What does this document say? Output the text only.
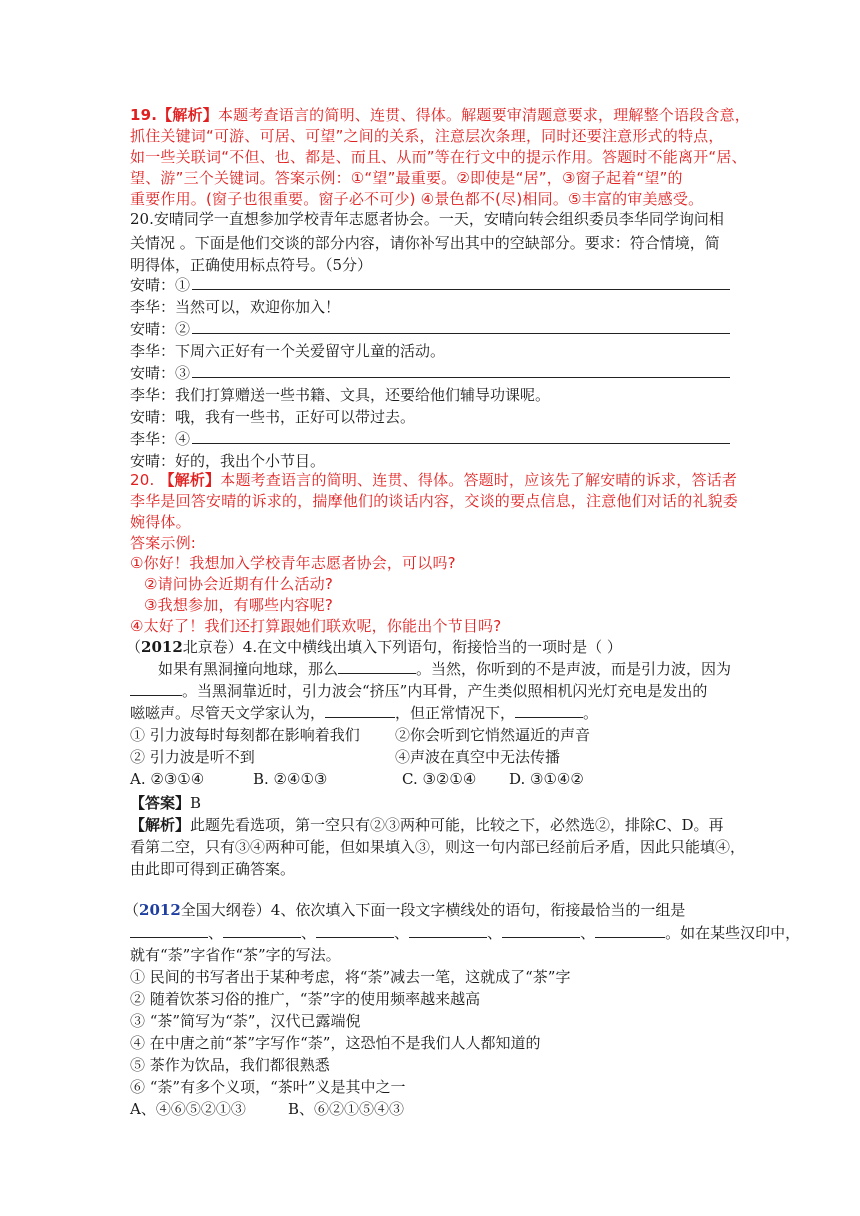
19.【解析】本题考查语言的简明、连贯、得体。解题要审清题意要求，理解整个语段含意，
抓住关键词“可游、可居、可望”之间的关系，注意层次条理，同时还要注意形式的特点，
如一些关联词“不但、也、都是、而且、从而”等在行文中的提示作用。答题时不能离开“居、
望、游”三个关键词。答案示例：①“望”最重要。②即使是“居”，③窗子起着“望”的
重要作用。(窗子也很重要。窗子必不可少) ④景色都不(尽)相同。⑤丰富的审美感受。
20.安晴同学一直想参加学校青年志愿者协会。一天，安晴向转会组织委员李华同学询问相
关情况 。下面是他们交谈的部分内容，请你补写出其中的空缺部分。要求：符合情境，简
明得体，正确使用标点符号。（5分）
安晴：①
李华：当然可以，欢迎你加入！
安晴：②
李华：下周六正好有一个关爱留守儿童的活动。
安晴：③
李华：我们打算赠送一些书籍、文具，还要给他们辅导功课呢。
安晴：哦，我有一些书，正好可以带过去。
李华：④
安晴：好的，我出个小节目。
20. 【解析】本题考查语言的简明、连贯、得体。答题时，应该先了解安晴的诉求，答话者
李华是回答安晴的诉求的，揣摩他们的谈话内容，交谈的要点信息，注意他们对话的礼貌委
婉得体。
答案示例:
①你好！我想加入学校青年志愿者协会，可以吗?
②请问协会近期有什么活动?
③我想参加，有哪些内容呢?
④太好了！我们还打算跟她们联欢呢，你能出个节目吗?
（2012北京卷）4.在文中横线出填入下列语句，衔接恰当的一项时是（ ）
如果有黑洞撞向地球，那么	。当然，你听到的不是声波，而是引力波，因为
。当黑洞靠近时，引力波会“挤压”内耳骨，产生类似照相机闪光灯充电是发出的
嗞嗞声。尽管天文学家认为，	，但正常情况下，	。
① 引力波每时每刻都在影响着我们 ②你会听到它悄然逼近的声音
② 引力波是听不到	④声波在真空中无法传播
A. ②③①④	B. ②④①③	C. ③②①④ D. ③①④②
【答案】B
【解析】此题先看选项，第一空只有②③两种可能，比较之下，必然选②，排除C、D。再
看第二空，只有③④两种可能，但如果填入③，则这一句内部已经前后矛盾，因此只能填④，
由此即可得到正确答案。
（2012全国大纲卷）4、依次填入下面一段文字横线处的语句，衔接最恰当的一组是
、	、	、	、	、	。如在某些汉印中，
就有“荼”字省作“茶”字的写法。
① 民间的书写者出于某种考虑，将“荼”减去一笔，这就成了“茶”字
② 随着饮茶习俗的推广，“荼”字的使用频率越来越高
③ “茶”简写为“荼”，汉代已露端倪
④ 在中唐之前“茶”字写作“荼”，这恐怕不是我们人人都知道的
⑤ 茶作为饮品，我们都很熟悉
⑥ “荼”有多个义项，“茶叶”义是其中之一
A、④⑥⑤②①③	B、⑥②①⑤④③
